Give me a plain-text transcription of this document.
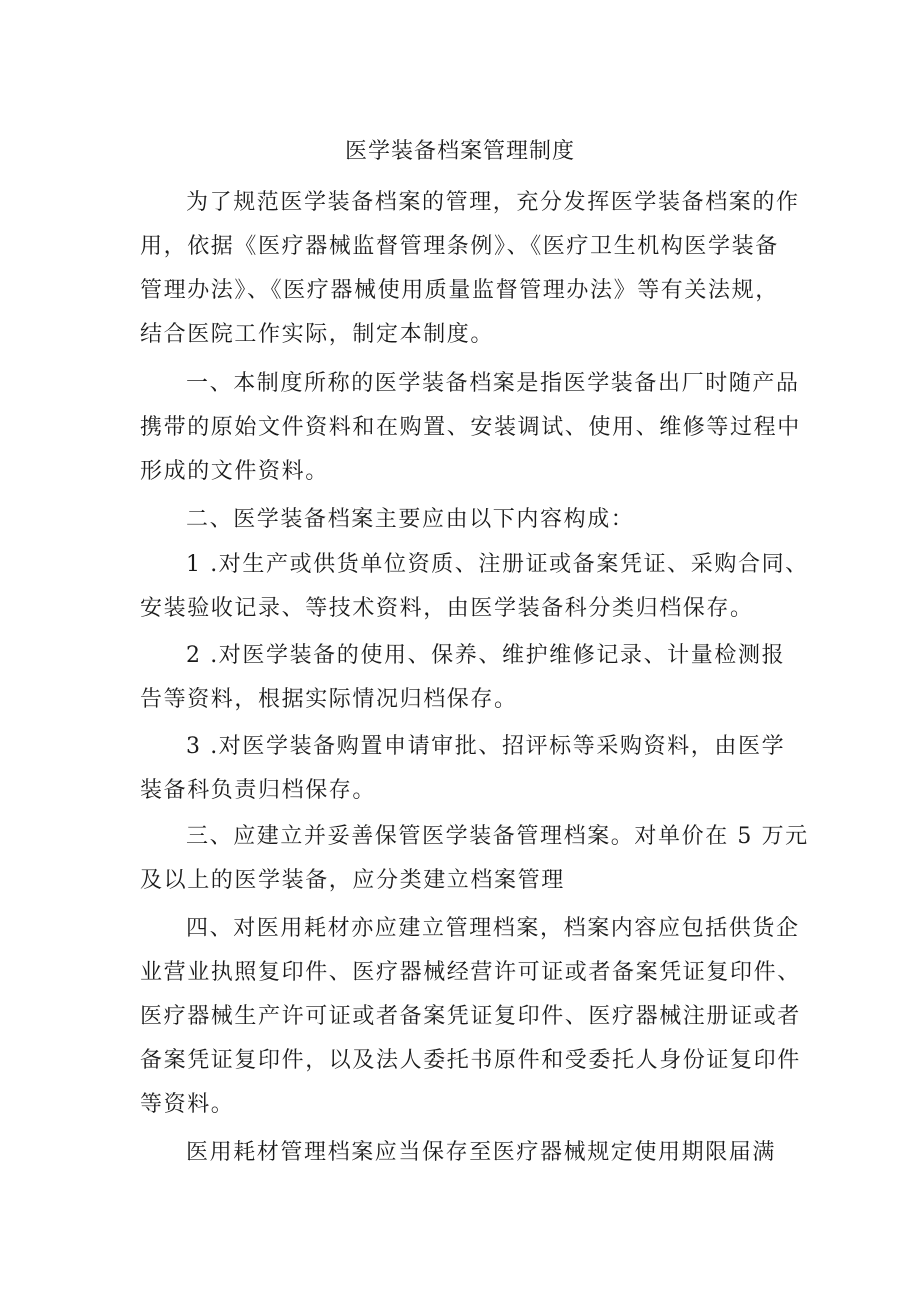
医学装备档案管理制度
为了规范医学装备档案的管理，充分发挥医学装备档案的作
用，依据《医疗器械监督管理条例》、《医疗卫生机构医学装备
管理办法》、《医疗器械使用质量监督管理办法》等有关法规，
结合医院工作实际，制定本制度。
一、本制度所称的医学装备档案是指医学装备出厂时随产品
携带的原始文件资料和在购置、安装调试、使用、维修等过程中
形成的文件资料。
二、医学装备档案主要应由以下内容构成：
1 .对生产或供货单位资质、注册证或备案凭证、采购合同、
安装验收记录、等技术资料，由医学装备科分类归档保存。
2 .对医学装备的使用、保养、维护维修记录、计量检测报
告等资料，根据实际情况归档保存。
3 .对医学装备购置申请审批、招评标等采购资料，由医学
装备科负责归档保存。
三、应建立并妥善保管医学装备管理档案。对单价在 5 万元
及以上的医学装备，应分类建立档案管理
四、对医用耗材亦应建立管理档案，档案内容应包括供货企
业营业执照复印件、医疗器械经营许可证或者备案凭证复印件、
医疗器械生产许可证或者备案凭证复印件、医疗器械注册证或者
备案凭证复印件，以及法人委托书原件和受委托人身份证复印件
等资料。
医用耗材管理档案应当保存至医疗器械规定使用期限届满
